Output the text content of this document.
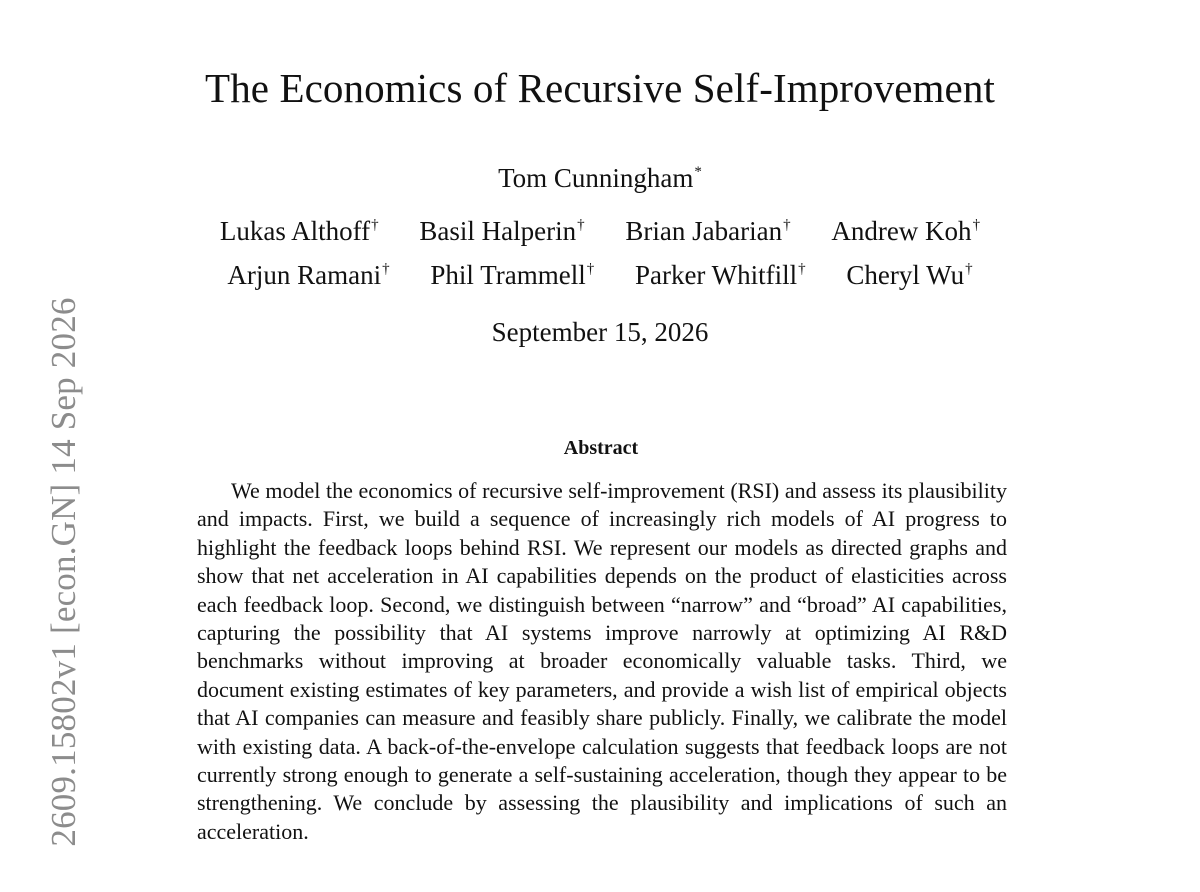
2609.15802v1 [econ.GN] 14 Sep 2026
The Economics of Recursive Self-Improvement
Tom Cunningham*
Lukas Althoff† Basil Halperin† Brian Jabarian† Andrew Koh†
Arjun Ramani† Phil Trammell† Parker Whitfill† Cheryl Wu†
September 15, 2026
Abstract

We model the economics of recursive self-improvement (RSI) and assess its plausibility and impacts. First, we build a sequence of increasingly rich models of AI progress to highlight the feedback loops behind RSI. We represent our models as directed graphs and show that net acceleration in AI capabilities depends on the product of elasticities across each feedback loop. Second, we distinguish between “narrow” and “broad” AI capabilities, capturing the possibility that AI systems improve narrowly at optimizing AI R&D benchmarks without improving at broader economically valuable tasks. Third, we document existing estimates of key parameters, and provide a wish list of empirical objects that AI companies can measure and feasibly share publicly. Finally, we calibrate the model with existing data. A back-of-the-envelope calculation suggests that feedback loops are not currently strong enough to generate a self-sustaining acceleration, though they appear to be strengthening. We conclude by assessing the plausibility and implications of such an acceleration.
